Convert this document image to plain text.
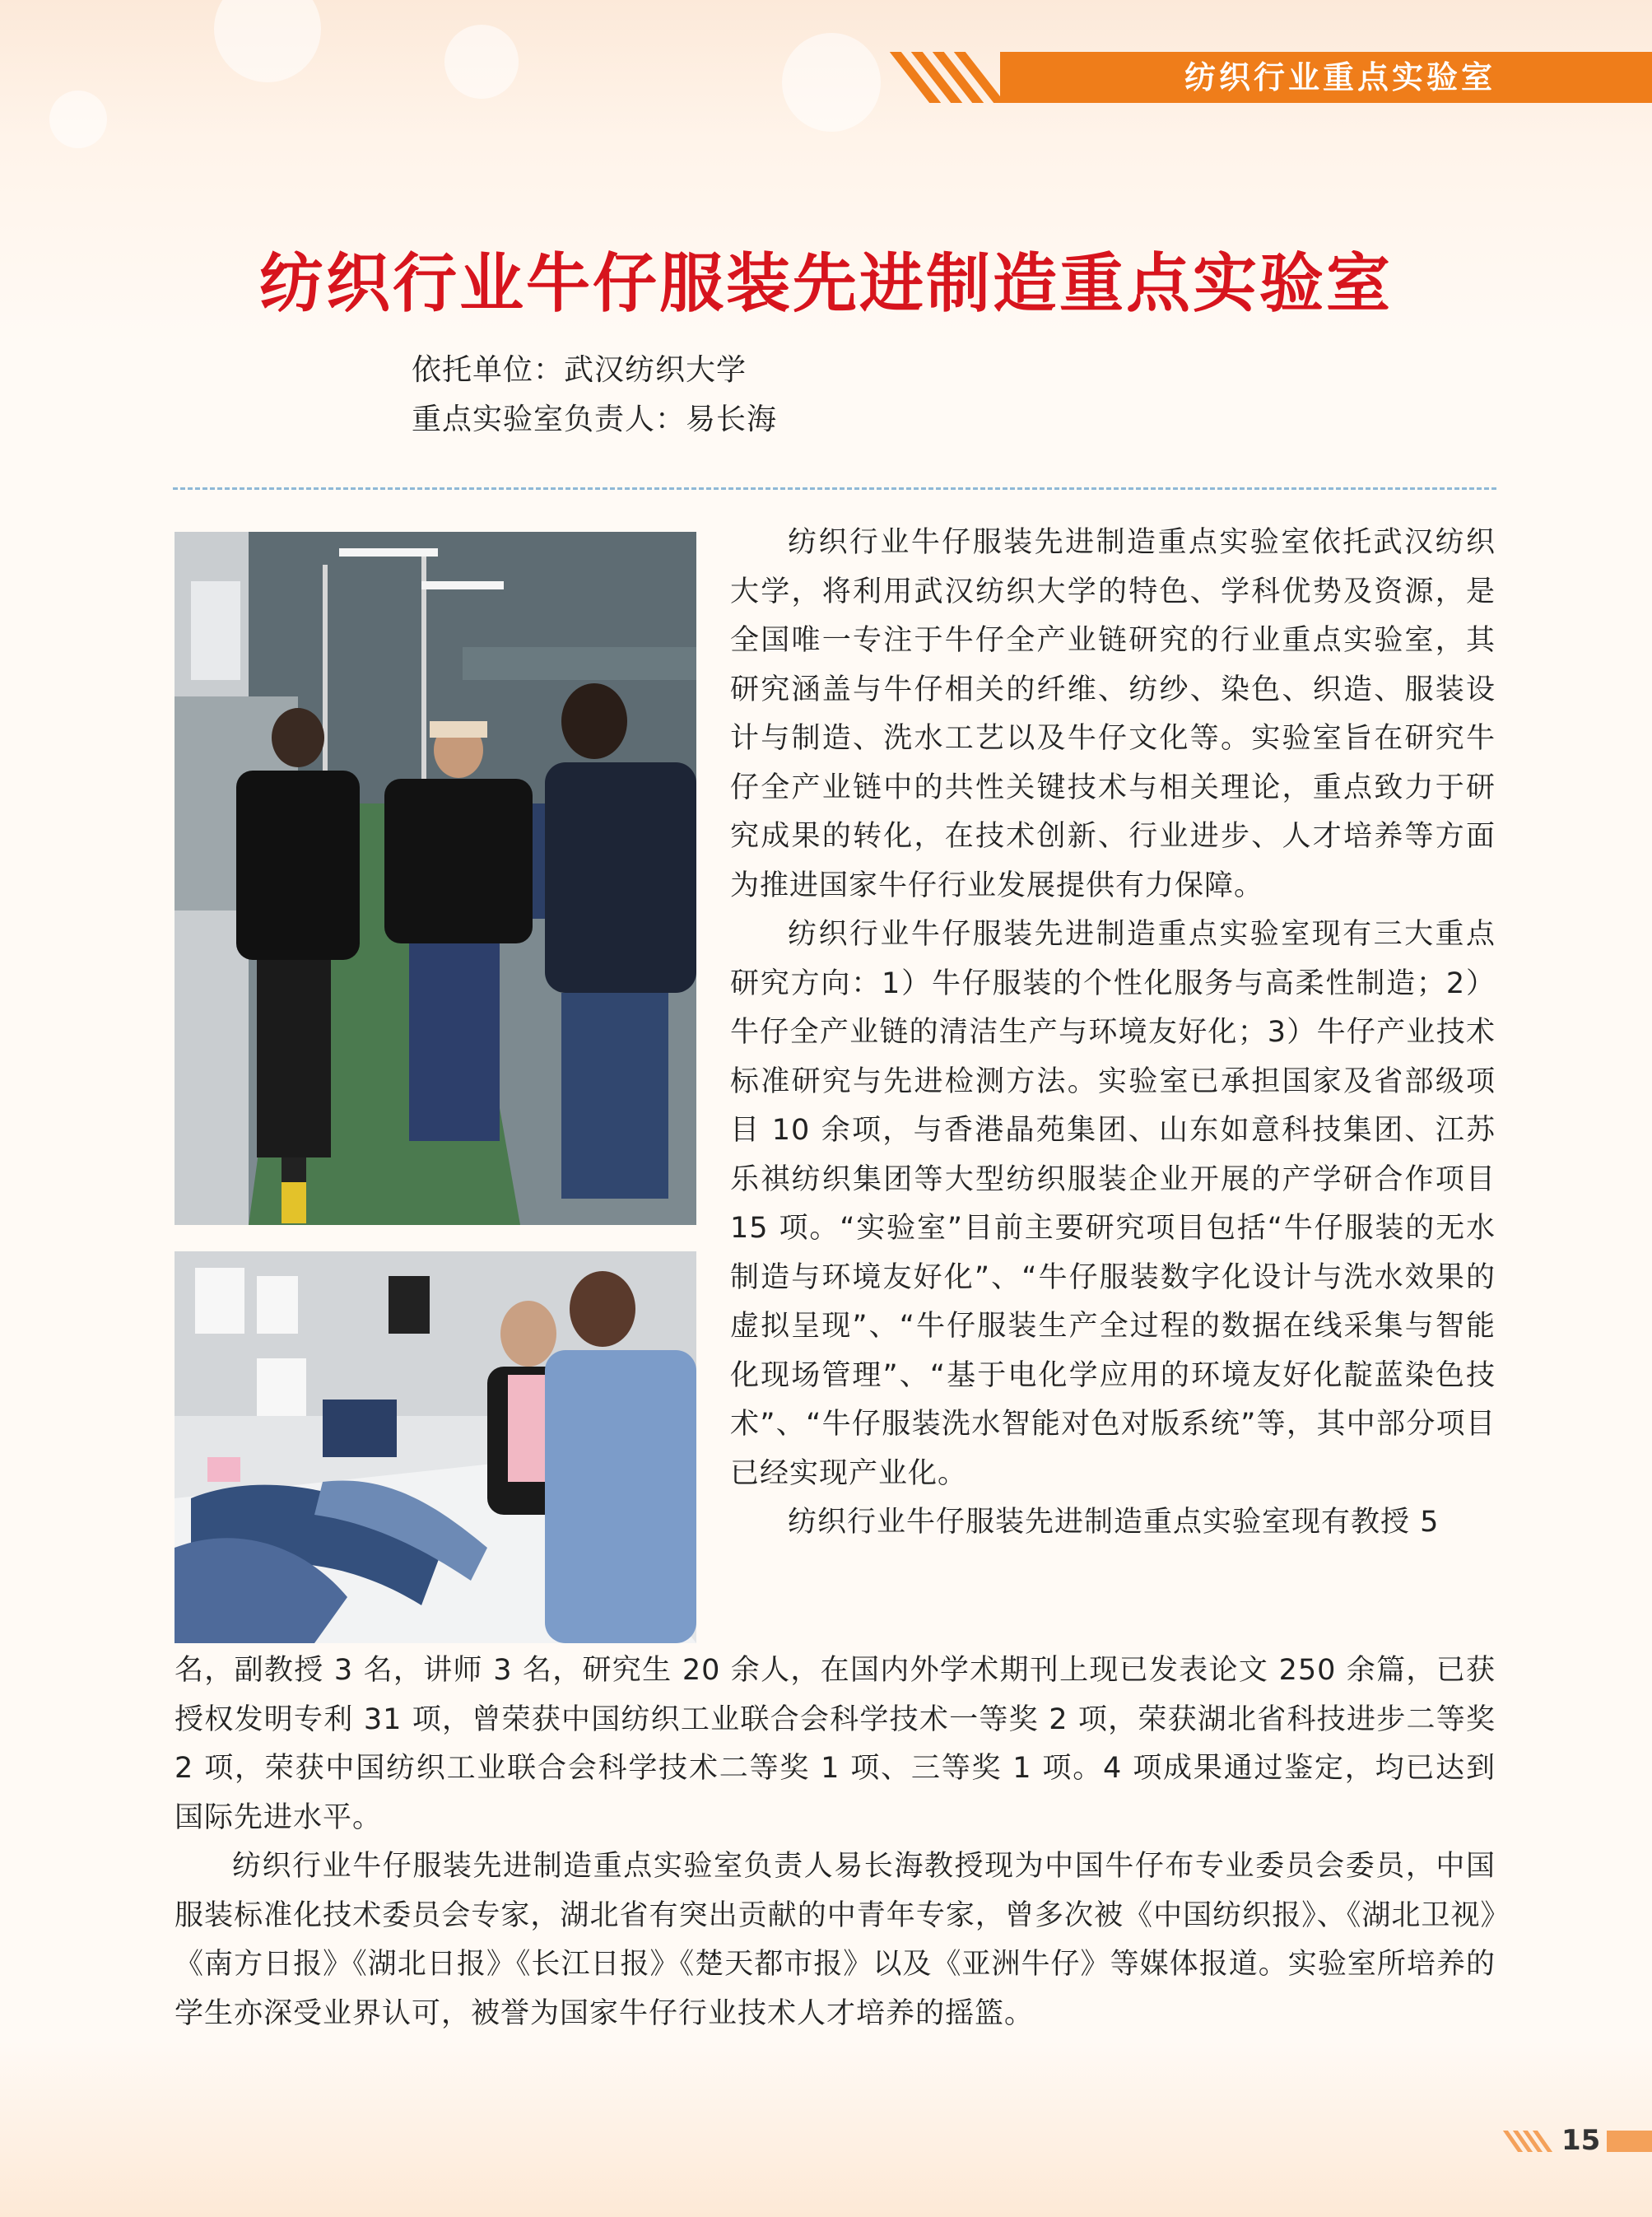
纺织行业重点实验室
纺织行业牛仔服装先进制造重点实验室
依托单位：武汉纺织大学
重点实验室负责人：易长海

纺织行业牛仔服装先进制造重点实验室依托武汉纺织大学，将利用武汉纺织大学的特色、学科优势及资源，是全国唯一专注于牛仔全产业链研究的行业重点实验室，其研究涵盖与牛仔相关的纤维、纺纱、染色、织造、服装设计与制造、洗水工艺以及牛仔文化等。实验室旨在研究牛仔全产业链中的共性关键技术与相关理论，重点致力于研究成果的转化，在技术创新、行业进步、人才培养等方面为推进国家牛仔行业发展提供有力保障。

纺织行业牛仔服装先进制造重点实验室现有三大重点研究方向：1）牛仔服装的个性化服务与高柔性制造；2）牛仔全产业链的清洁生产与环境友好化；3）牛仔产业技术标准研究与先进检测方法。实验室已承担国家及省部级项目 10 余项，与香港晶苑集团、山东如意科技集团、江苏乐祺纺织集团等大型纺织服装企业开展的产学研合作项目 15 项。“实验室”目前主要研究项目包括“牛仔服装的无水制造与环境友好化”、“牛仔服装数字化设计与洗水效果的虚拟呈现”、“牛仔服装生产全过程的数据在线采集与智能化现场管理”、“基于电化学应用的环境友好化靛蓝染色技术”、“牛仔服装洗水智能对色对版系统”等，其中部分项目已经实现产业化。

纺织行业牛仔服装先进制造重点实验室现有教授 5

名，副教授 3 名，讲师 3 名，研究生 20 余人，在国内外学术期刊上现已发表论文 250 余篇，已获授权发明专利 31 项，曾荣获中国纺织工业联合会科学技术一等奖 2 项，荣获湖北省科技进步二等奖 2 项，荣获中国纺织工业联合会科学技术二等奖 1 项、三等奖 1 项。4 项成果通过鉴定，均已达到国际先进水平。

纺织行业牛仔服装先进制造重点实验室负责人易长海教授现为中国牛仔布专业委员会委员，中国服装标准化技术委员会专家，湖北省有突出贡献的中青年专家，曾多次被《中国纺织报》、《湖北卫视》《南方日报》《湖北日报》《长江日报》《楚天都市报》以及《亚洲牛仔》等媒体报道。实验室所培养的学生亦深受业界认可，被誉为国家牛仔行业技术人才培养的摇篮。

15
